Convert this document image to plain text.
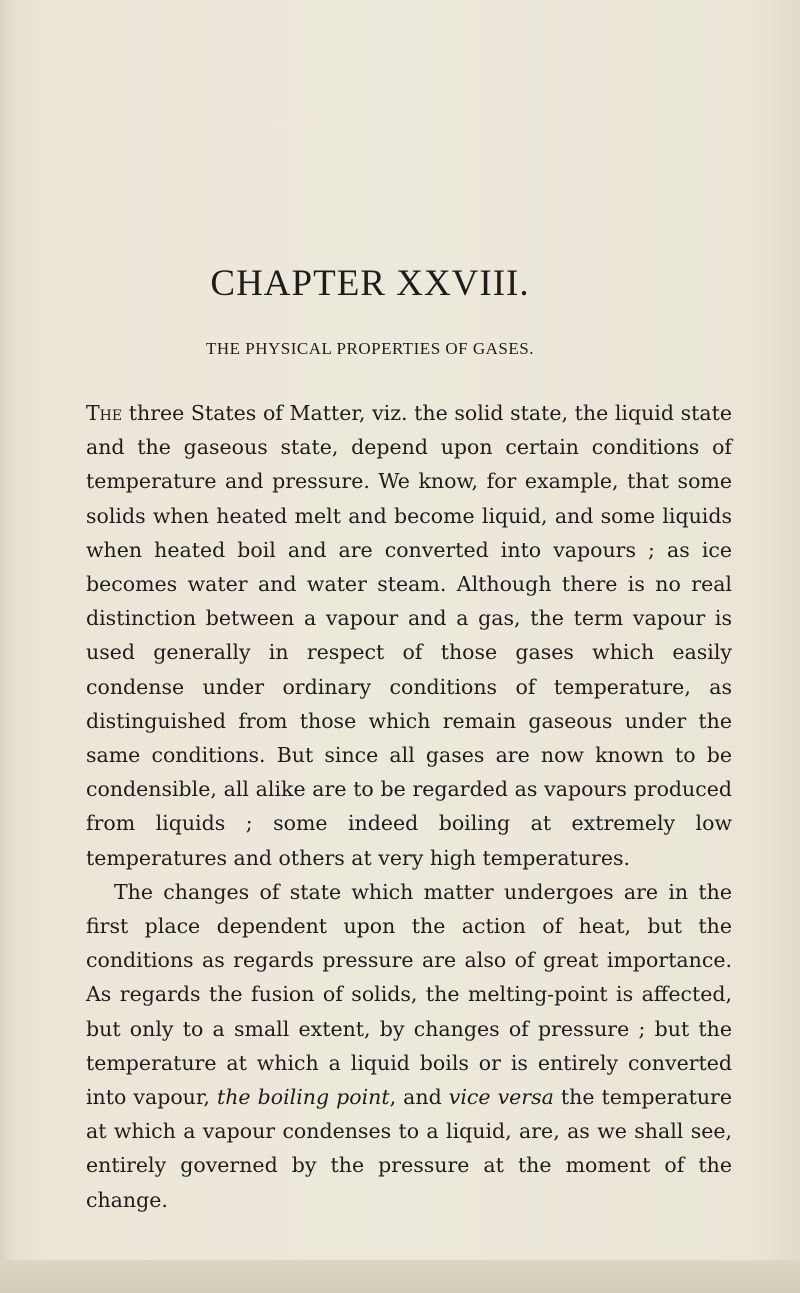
CHAPTER XXVIII.
THE PHYSICAL PROPERTIES OF GASES.

The three States of Matter, viz. the solid state, the liquid state and the gaseous state, depend upon certain conditions of temperature and pressure. We know, for example, that some solids when heated melt and become liquid, and some liquids when heated boil and are converted into vapours ; as ice becomes water and water steam. Although there is no real distinction between a vapour and a gas, the term vapour is used generally in respect of those gases which easily condense under ordinary conditions of temperature, as distinguished from those which remain gaseous under the same conditions. But since all gases are now known to be condensible, all alike are to be regarded as vapours produced from liquids ; some indeed boiling at extremely low temperatures and others at very high temperatures.

The changes of state which matter undergoes are in the first place dependent upon the action of heat, but the conditions as regards pressure are also of great importance. As regards the fusion of solids, the melting-point is affected, but only to a small extent, by changes of pressure ; but the temperature at which a liquid boils or is entirely converted into vapour, the boiling point, and vice versa the temperature at which a vapour condenses to a liquid, are, as we shall see, entirely governed by the pressure at the moment of the change.
